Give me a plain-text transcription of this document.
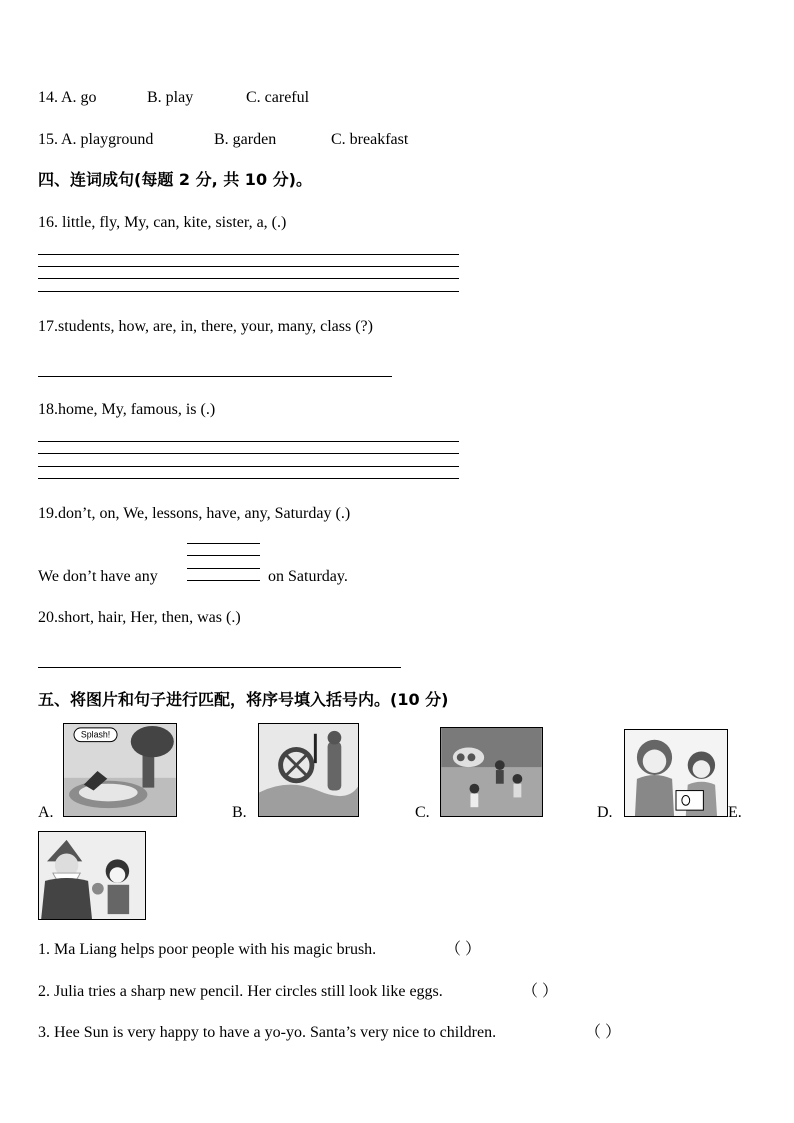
14. A. go	B. play	C. careful
15. A. playground	B. garden	C. breakfast
四、连词成句(每题 2 分, 共 10 分)。
16. little, fly, My, can, kite, sister, a, (.)
17.students, how, are, in, there, your, many, class (?)
18.home, My, famous, is (.)
19.don’t, on, We, lessons, have, any, Saturday (.)
We don’t have any	on Saturday.
20.short, hair, Her, then, was (.)
五、将图片和句子进行匹配，将序号填入括号内。(10 分)
A.
Splash!
B.	C.	D.	E.
1. Ma Liang helps poor people with his magic brush.	（ ）
2. Julia tries a sharp new pencil. Her circles still look like eggs.	（ ）
3. Hee Sun is very happy to have a yo-yo. Santa’s very nice to children.	（ ）
